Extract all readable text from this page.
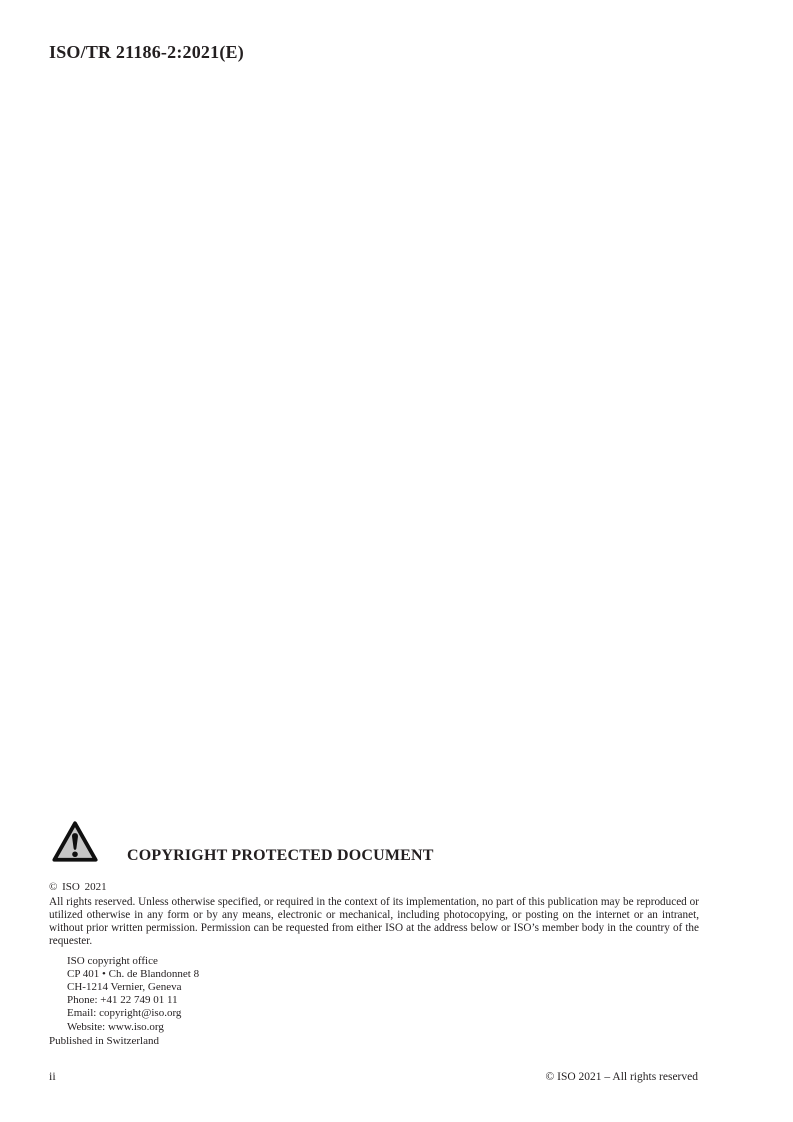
ISO/TR 21186-2:2021(E)
COPYRIGHT PROTECTED DOCUMENT
© ISO 2021
All rights reserved. Unless otherwise specified, or required in the context of its implementation, no part of this publication may be reproduced or utilized otherwise in any form or by any means, electronic or mechanical, including photocopying, or posting on the internet or an intranet, without prior written permission. Permission can be requested from either ISO at the address below or ISO’s member body in the country of the requester.
ISO copyright office
CP 401 • Ch. de Blandonnet 8
CH-1214 Vernier, Geneva
Phone: +41 22 749 01 11
Email: copyright@iso.org
Website: www.iso.org
Published in Switzerland
ii	© ISO 2021 – All rights reserved
